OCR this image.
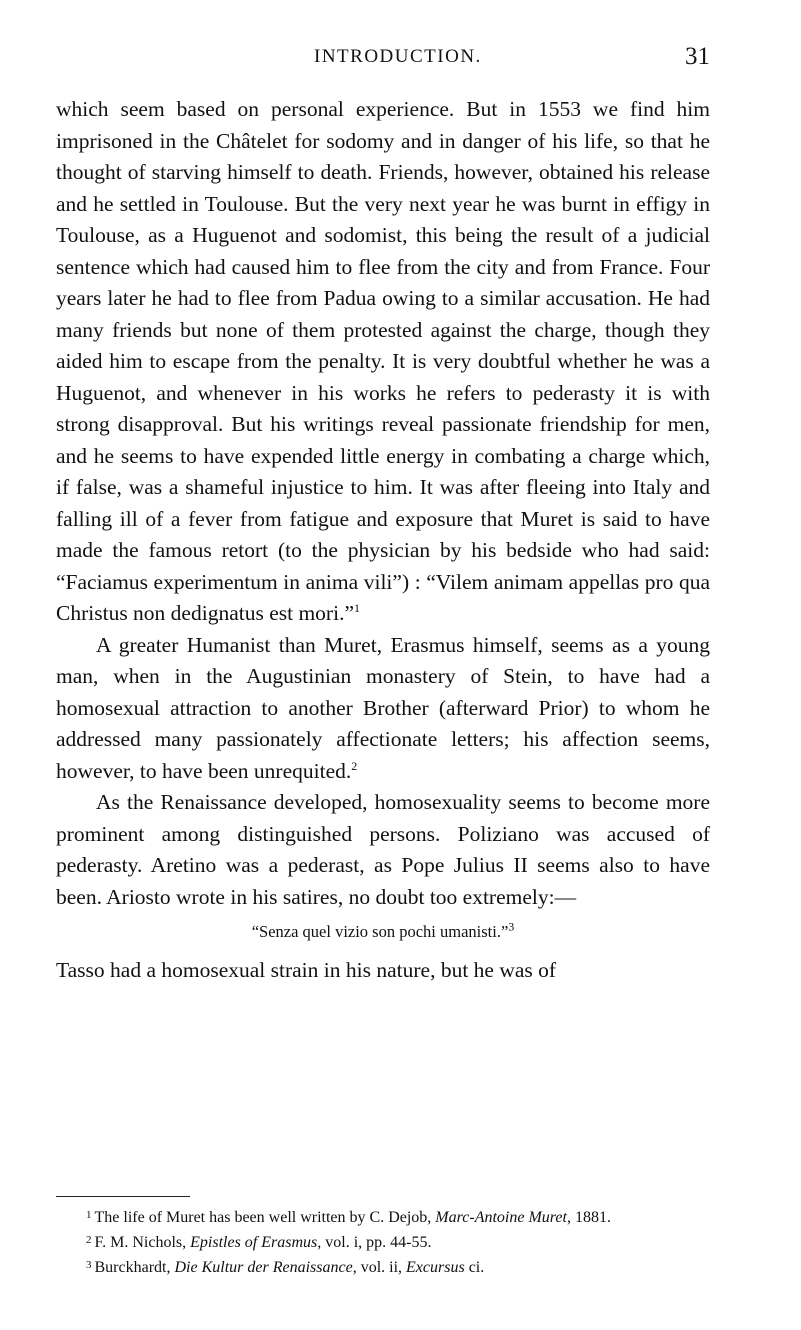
INTRODUCTION.	31

which seem based on personal experience. But in 1553 we find him imprisoned in the Châtelet for sodomy and in danger of his life, so that he thought of starving himself to death. Friends, however, obtained his release and he settled in Toulouse. But the very next year he was burnt in effigy in Toulouse, as a Huguenot and sodomist, this being the result of a judicial sentence which had caused him to flee from the city and from France. Four years later he had to flee from Padua owing to a similar accusation. He had many friends but none of them protested against the charge, though they aided him to escape from the penalty. It is very doubtful whether he was a Huguenot, and whenever in his works he refers to pederasty it is with strong disapproval. But his writings reveal passionate friendship for men, and he seems to have expended little energy in combating a charge which, if false, was a shameful injustice to him. It was after fleeing into Italy and falling ill of a fever from fatigue and exposure that Muret is said to have made the famous retort (to the physician by his bedside who had said: “Faciamus experimentum in anima vili”) : “Vilem animam appellas pro qua Christus non dedignatus est mori.”$^1$

A greater Humanist than Muret, Erasmus himself, seems as a young man, when in the Augustinian monastery of Stein, to have had a homosexual attraction to another Brother (afterward Prior) to whom he addressed many passionately affectionate letters; his affection seems, however, to have been unrequited.$^2$

As the Renaissance developed, homosexuality seems to become more prominent among distinguished persons. Poliziano was accused of pederasty. Aretino was a pederast, as Pope Julius II seems also to have been. Ariosto wrote in his satires, no doubt too extremely:—

“Senza quel vizio son pochi umanisti.”$^3$

Tasso had a homosexual strain in his nature, but he was of

$^1$ The life of Muret has been well written by C. Dejob, Marc-Antoine Muret, 1881.

$^2$ F. M. Nichols, Epistles of Erasmus, vol. i, pp. 44-55.

$^3$ Burckhardt, Die Kultur der Renaissance, vol. ii, Excursus ci.
